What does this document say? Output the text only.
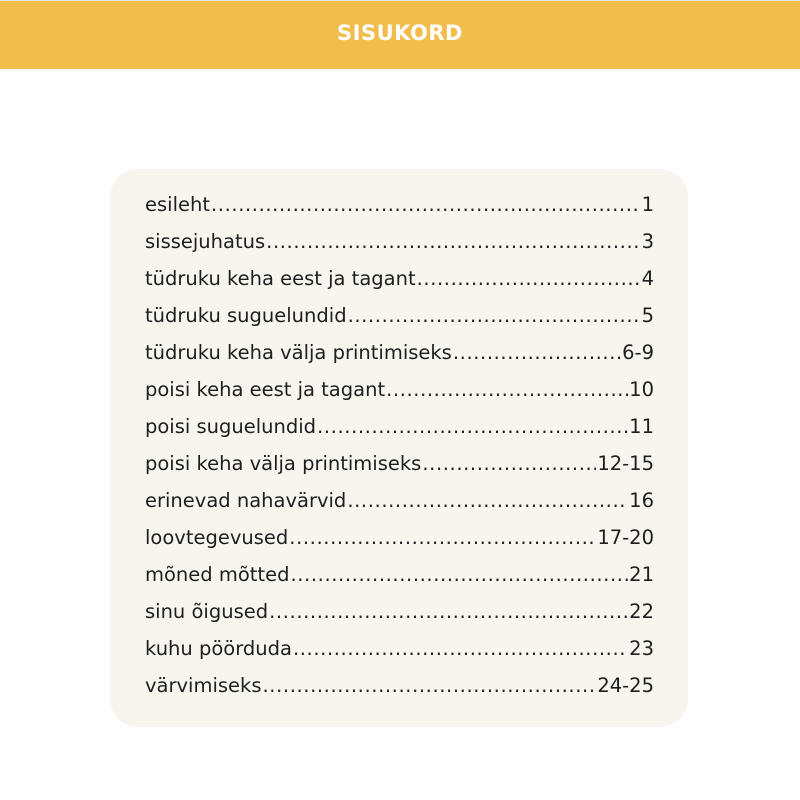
SISUKORD
esileht .....	1
sissejuhatus .....	3
tüdruku keha eest ja tagant .....	4
tüdruku suguelundid .....	5
tüdruku keha välja printimiseks .....	6-9
poisi keha eest ja tagant .....	10
poisi suguelundid .....	11
poisi keha välja printimiseks .....	12-15
erinevad nahavärvid .....	16
loovtegevused .....	17-20
mõned mõtted .....	21
sinu õigused .....	22
kuhu pöörduda .....	23
värvimiseks .....	24-25
